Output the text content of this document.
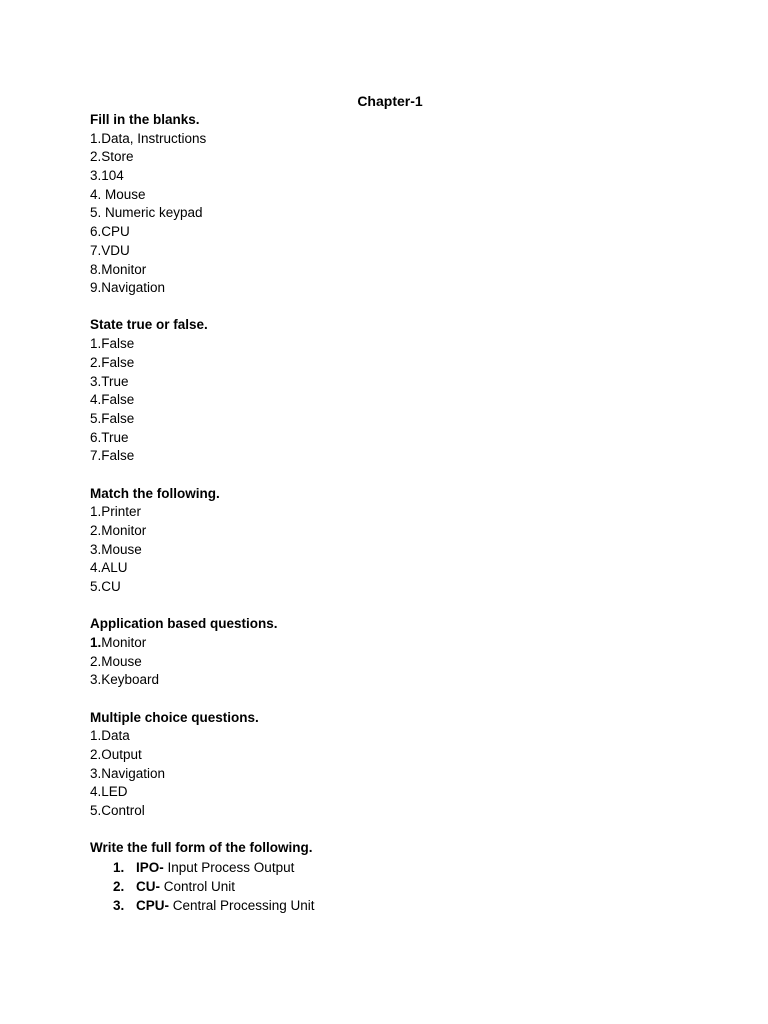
Chapter-1
Fill in the blanks.
1.Data, Instructions
2.Store
3.104
4. Mouse
5. Numeric keypad
6.CPU
7.VDU
8.Monitor
9.Navigation
State true or false.
1.False
2.False
3.True
4.False
5.False
6.True
7.False
Match the following.
1.Printer
2.Monitor
3.Mouse
4.ALU
5.CU
Application based questions.
1.Monitor
2.Mouse
3.Keyboard
Multiple choice questions.
1.Data
2.Output
3.Navigation
4.LED
5.Control
Write the full form of the following.
1. IPO- Input Process Output
2. CU- Control Unit
3. CPU- Central Processing Unit
